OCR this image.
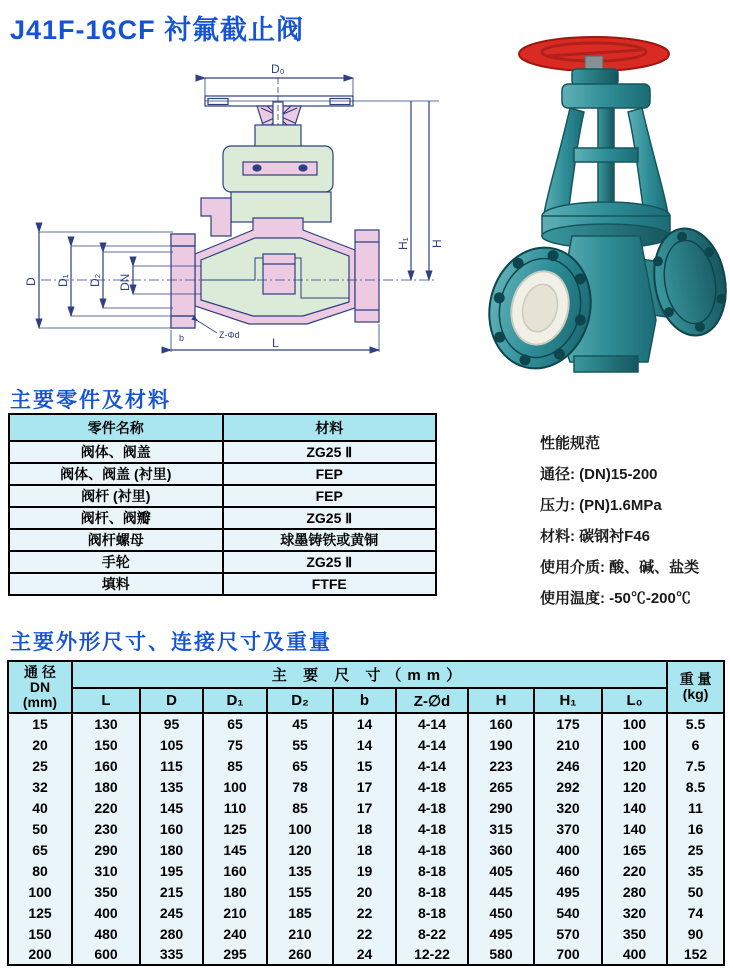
J41F-16CF 衬氟截止阀
D₀
H₁ H
D D₁ D₂ DN
L
b	Z-Φd
主要零件及材料
零件名称	材料
阀体、阀盖	ZG25 Ⅱ
阀体、阀盖 (衬里)	FEP
阀杆 (衬里)	FEP
阀杆、阀瓣	ZG25 Ⅱ
阀杆螺母	球墨铸铁或黄铜
手轮	ZG25 Ⅱ
填料	FTFE
性能规范
通径: (DN)15-200
压力: (PN)1.6MPa
材料: 碳钢衬F46
使用介质: 酸、碱、盐类
使用温度: -50℃-200℃
主要外形尺寸、连接尺寸及重量
通 径
DN
(mm)
	主 要 尺 寸（mm）	重 量
(kg)

	L	D	D₁	D₂	b	Z-∅d	H	H₁	L₀	
15	130	95	65	45	14	4-14	160	175	100	5.5
20	150	105	75	55	14	4-14	190	210	100	6
25	160	115	85	65	15	4-14	223	246	120	7.5
32	180	135	100	78	17	4-18	265	292	120	8.5
40	220	145	110	85	17	4-18	290	320	140	11
50	230	160	125	100	18	4-18	315	370	140	16
65	290	180	145	120	18	4-18	360	400	165	25
80	310	195	160	135	19	8-18	405	460	220	35
100	350	215	180	155	20	8-18	445	495	280	50
125	400	245	210	185	22	8-18	450	540	320	74
150	480	280	240	210	22	8-22	495	570	350	90
200	600	335	295	260	24	12-22	580	700	400	152
